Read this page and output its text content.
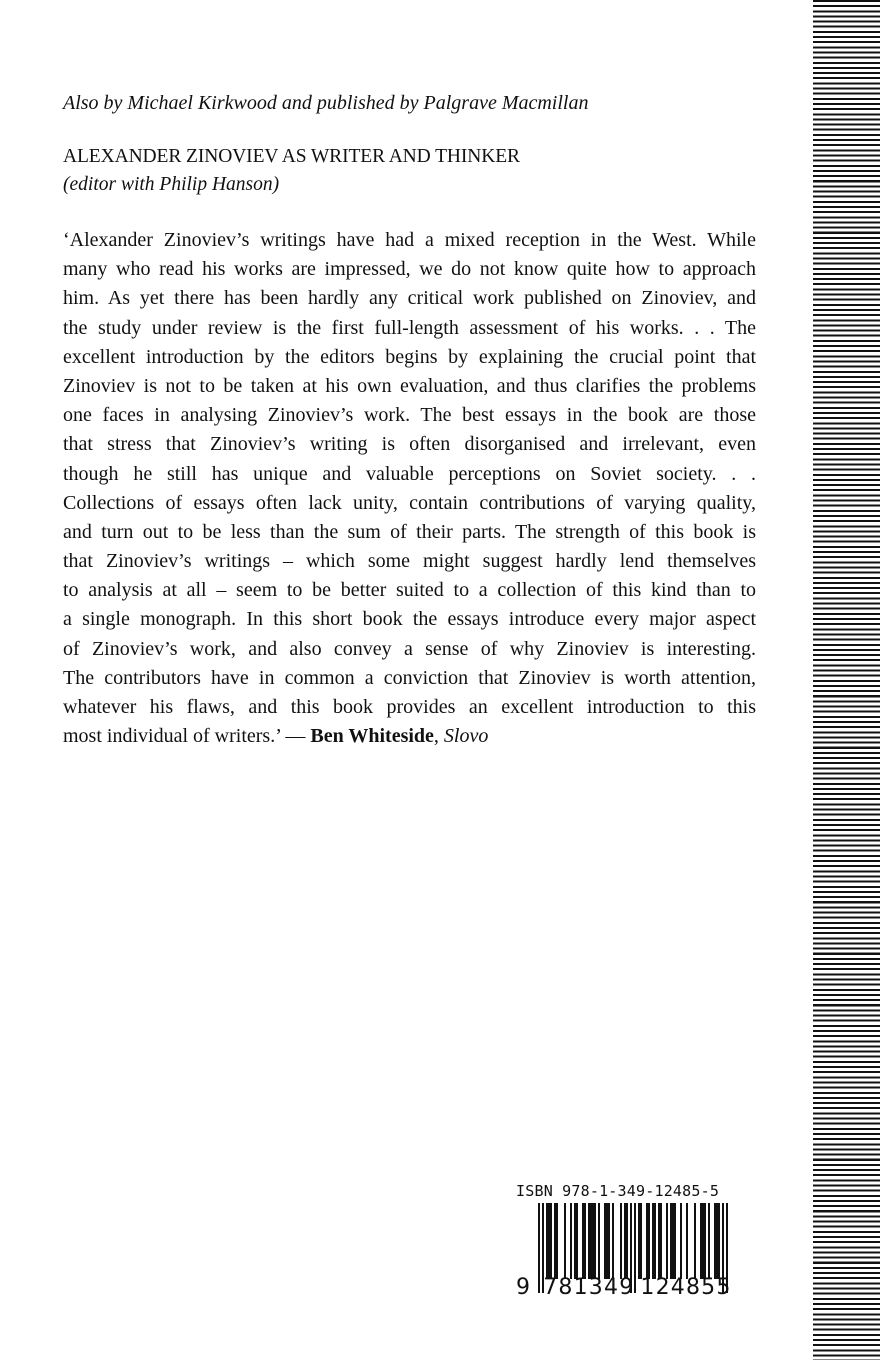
Also by Michael Kirkwood and published by Palgrave Macmillan
ALEXANDER ZINOVIEV AS WRITER AND THINKER
(editor with Philip Hanson)
‘Alexander Zinoviev’s writings have had a mixed reception in the West. While
many who read his works are impressed, we do not know quite how to approach
him. As yet there has been hardly any critical work published on Zinoviev, and
the study under review is the first full-length assessment of his works. . . The
excellent introduction by the editors begins by explaining the crucial point that
Zinoviev is not to be taken at his own evaluation, and thus clarifies the problems
one faces in analysing Zinoviev’s work. The best essays in the book are those
that stress that Zinoviev’s writing is often disorganised and irrelevant, even
though he still has unique and valuable perceptions on Soviet society. . .
Collections of essays often lack unity, contain contributions of varying quality,
and turn out to be less than the sum of their parts. The strength of this book is
that Zinoviev’s writings – which some might suggest hardly lend themselves
to analysis at all – seem to be better suited to a collection of this kind than to
a single monograph. In this short book the essays introduce every major aspect
of Zinoviev’s work, and also convey a sense of why Zinoviev is interesting.
The contributors have in common a conviction that Zinoviev is worth attention,
whatever his flaws, and this book provides an excellent introduction to this
most individual of writers.’ — Ben Whiteside, Slovo
ISBN 978-1-349-12485-5
9 781349 124855
